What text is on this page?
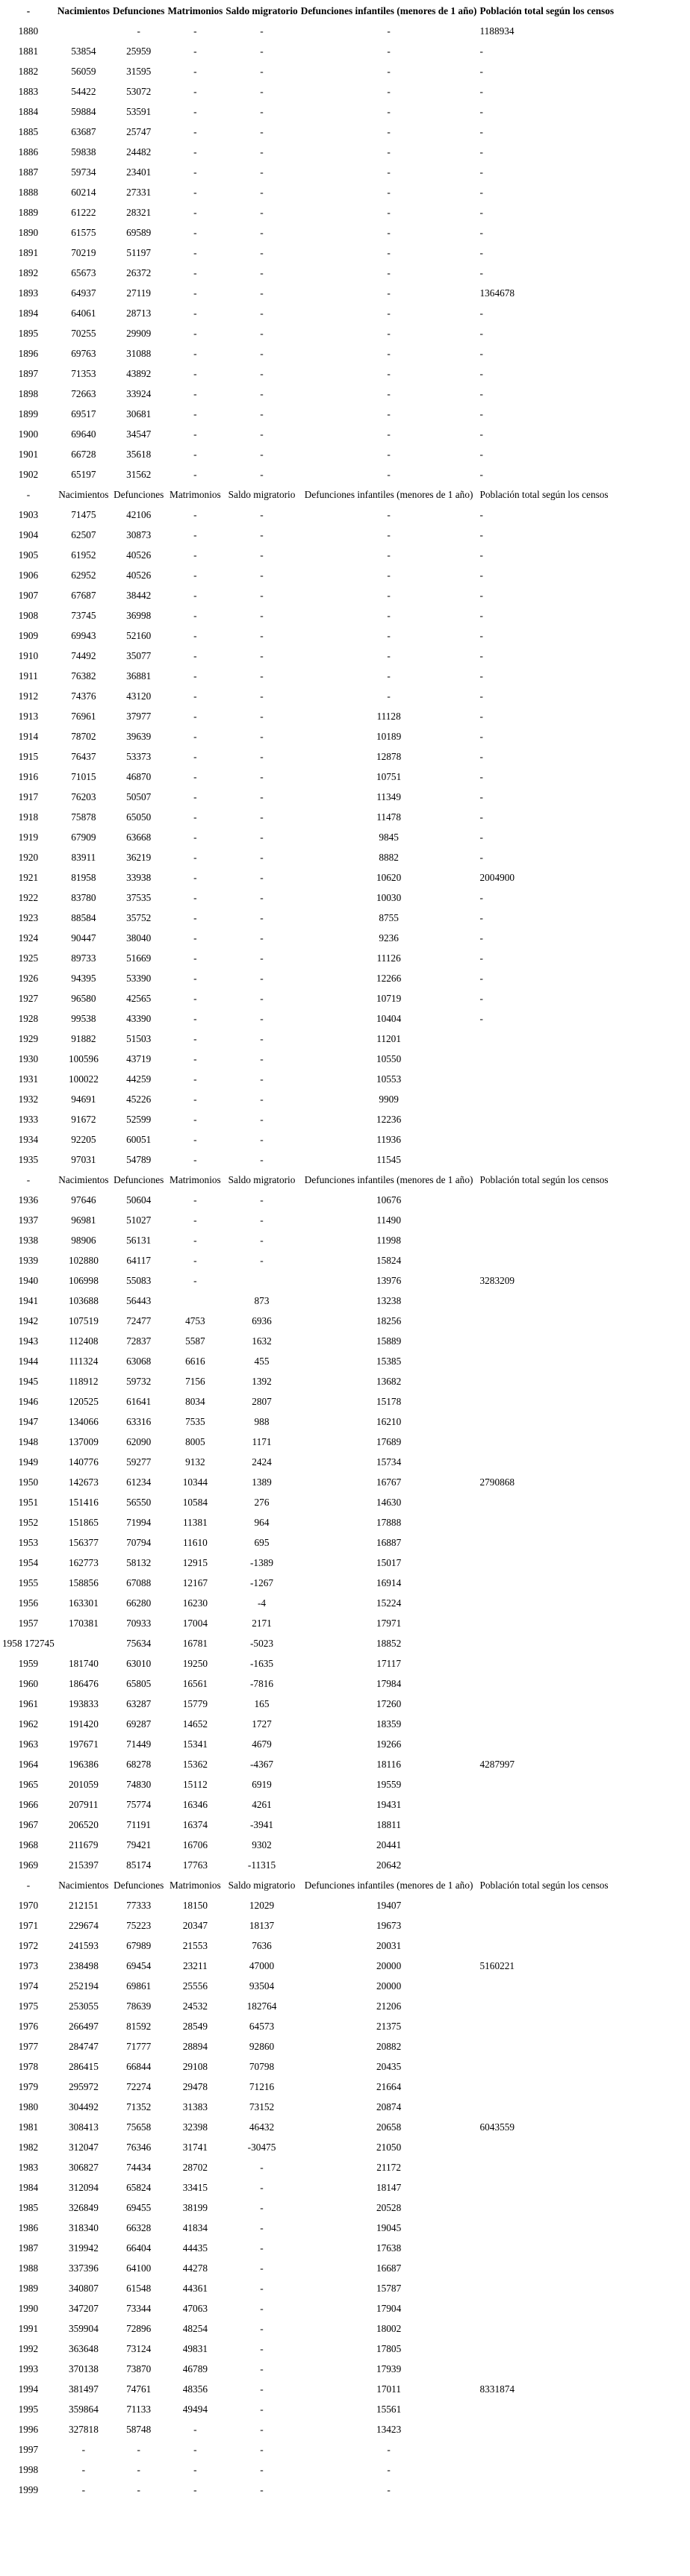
-	Nacimientos	Defunciones	Matrimonios	Saldo migratorio	Defunciones infantiles (menores de 1 año)	Población total según los censos
1880		-	-	-	-	1188934
1881	53854	25959	-	-	-	-
1882	56059	31595	-	-	-	-
1883	54422	53072	-	-	-	-
1884	59884	53591	-	-	-	-
1885	63687	25747	-	-	-	-
1886	59838	24482	-	-	-	-
1887	59734	23401	-	-	-	-
1888	60214	27331	-	-	-	-
1889	61222	28321	-	-	-	-
1890	61575	69589	-	-	-	-
1891	70219	51197	-	-	-	-
1892	65673	26372	-	-	-	-
1893	64937	27119	-	-	-	1364678
1894	64061	28713	-	-	-	-
1895	70255	29909	-	-	-	-
1896	69763	31088	-	-	-	-
1897	71353	43892	-	-	-	-
1898	72663	33924	-	-	-	-
1899	69517	30681	-	-	-	-
1900	69640	34547	-	-	-	-
1901	66728	35618	-	-	-	-
1902	65197	31562	-	-	-	-
-	Nacimientos	Defunciones	Matrimonios	Saldo migratorio	Defunciones infantiles (menores de 1 año)	Población total según los censos
1903	71475	42106	-	-	-	-
1904	62507	30873	-	-	-	-
1905	61952	40526	-	-	-	-
1906	62952	40526	-	-	-	-
1907	67687	38442	-	-	-	-
1908	73745	36998	-	-	-	-
1909	69943	52160	-	-	-	-
1910	74492	35077	-	-	-	-
1911	76382	36881	-	-	-	-
1912	74376	43120	-	-	-	-
1913	76961	37977	-	-	11128	-
1914	78702	39639	-	-	10189	-
1915	76437	53373	-	-	12878	-
1916	71015	46870	-	-	10751	-
1917	76203	50507	-	-	11349	-
1918	75878	65050	-	-	11478	-
1919	67909	63668	-	-	9845	-
1920	83911	36219	-	-	8882	-
1921	81958	33938	-	-	10620	2004900
1922	83780	37535	-	-	10030	-
1923	88584	35752	-	-	8755	-
1924	90447	38040	-	-	9236	-
1925	89733	51669	-	-	11126	-
1926	94395	53390	-	-	12266	-
1927	96580	42565	-	-	10719	-
1928	99538	43390	-	-	10404	-
1929	91882	51503	-	-	11201	
1930	100596	43719	-	-	10550	
1931	100022	44259	-	-	10553	
1932	94691	45226	-	-	9909	
1933	91672	52599	-	-	12236	
1934	92205	60051	-	-	11936	
1935	97031	54789	-	-	11545	
-	Nacimientos	Defunciones	Matrimonios	Saldo migratorio	Defunciones infantiles (menores de 1 año)	Población total según los censos
1936	97646	50604	-	-	10676	
1937	96981	51027	-	-	11490	
1938	98906	56131	-	-	11998	
1939	102880	64117	-	-	15824	
1940	106998	55083	-		13976	3283209
1941	103688	56443		873	13238	
1942	107519	72477	4753	6936	18256	
1943	112408	72837	5587	1632	15889	
1944	111324	63068	6616	455	15385	
1945	118912	59732	7156	1392	13682	
1946	120525	61641	8034	2807	15178	
1947	134066	63316	7535	988	16210	
1948	137009	62090	8005	1171	17689	
1949	140776	59277	9132	2424	15734	
1950	142673	61234	10344	1389	16767	2790868
1951	151416	56550	10584	276	14630	
1952	151865	71994	11381	964	17888	
1953	156377	70794	11610	695	16887	
1954	162773	58132	12915	-1389	15017	
1955	158856	67088	12167	-1267	16914	
1956	163301	66280	16230	-4	15224	
1957	170381	70933	17004	2171	17971	
1958 172745		75634	16781	-5023	18852	
1959	181740	63010	19250	-1635	17117	
1960	186476	65805	16561	-7816	17984	
1961	193833	63287	15779	165	17260	
1962	191420	69287	14652	1727	18359	
1963	197671	71449	15341	4679	19266	
1964	196386	68278	15362	-4367	18116	4287997
1965	201059	74830	15112	6919	19559	
1966	207911	75774	16346	4261	19431	
1967	206520	71191	16374	-3941	18811	
1968	211679	79421	16706	9302	20441	
1969	215397	85174	17763	-11315	20642	
-	Nacimientos	Defunciones	Matrimonios	Saldo migratorio	Defunciones infantiles (menores de 1 año)	Población total según los censos
1970	212151	77333	18150	12029	19407	
1971	229674	75223	20347	18137	19673	
1972	241593	67989	21553	7636	20031	
1973	238498	69454	23211	47000	20000	5160221
1974	252194	69861	25556	93504	20000	
1975	253055	78639	24532	182764	21206	
1976	266497	81592	28549	64573	21375	
1977	284747	71777	28894	92860	20882	
1978	286415	66844	29108	70798	20435	
1979	295972	72274	29478	71216	21664	
1980	304492	71352	31383	73152	20874	
1981	308413	75658	32398	46432	20658	6043559
1982	312047	76346	31741	-30475	21050	
1983	306827	74434	28702	-	21172	
1984	312094	65824	33415	-	18147	
1985	326849	69455	38199	-	20528	
1986	318340	66328	41834	-	19045	
1987	319942	66404	44435	-	17638	
1988	337396	64100	44278	-	16687	
1989	340807	61548	44361	-	15787	
1990	347207	73344	47063	-	17904	
1991	359904	72896	48254	-	18002	
1992	363648	73124	49831	-	17805	
1993	370138	73870	46789	-	17939	
1994	381497	74761	48356	-	17011	8331874
1995	359864	71133	49494	-	15561	
1996	327818	58748	-	-	13423	
1997	-	-	-	-	-	
1998	-	-	-	-	-	
1999	-	-	-	-	-	
